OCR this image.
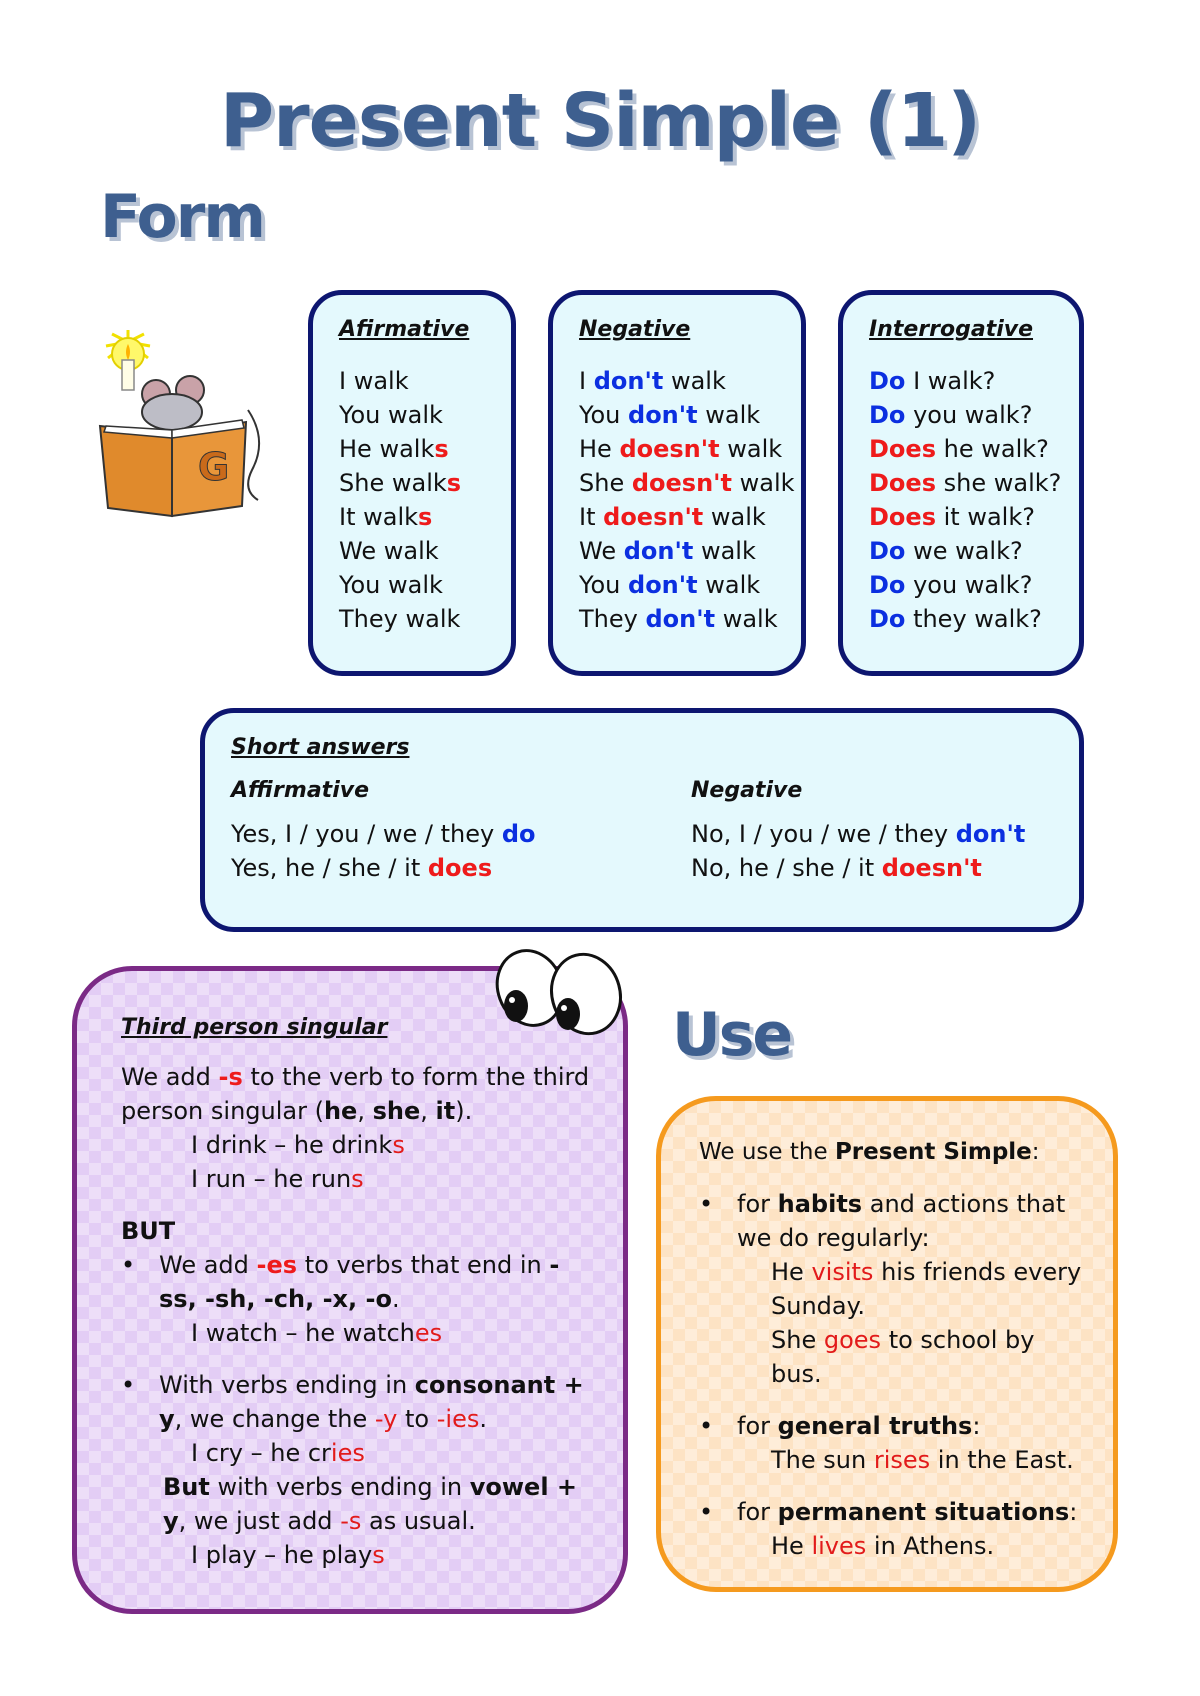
Present Simple (1)
Form
G
Afirmative
I walk
You walk
He walks
She walks
It walks
We walk
You walk
They walk
Negative
I don't walk
You don't walk
He doesn't walk
She doesn't walk
It doesn't walk
We don't walk
You don't walk
They don't walk
Interrogative
Do I walk?
Do you walk?
Does he walk?
Does she walk?
Does it walk?
Do we walk?
Do you walk?
Do they walk?
Short answers
Affirmative
Yes, I / you / we / they do
Yes, he / she / it does
Negative
No, I / you / we / they don't
No, he / she / it doesn't
Third person singular
We add -s to the verb to form the third person singular (he, she, it).
I drink – he drinks
I run – he runs
BUT
• We add -es to verbs that end in -ss, -sh, -ch, -x, -o.
I watch – he watches
• With verbs ending in consonant + y, we change the -y to -ies.
I cry – he cries
But with verbs ending in vowel + y, we just add -s as usual.
I play – he plays
Use
We use the Present Simple:
• for habits and actions that we do regularly:
He visits his friends every Sunday.
She goes to school by bus.
• for general truths:
The sun rises in the East.
• for permanent situations:
He lives in Athens.
